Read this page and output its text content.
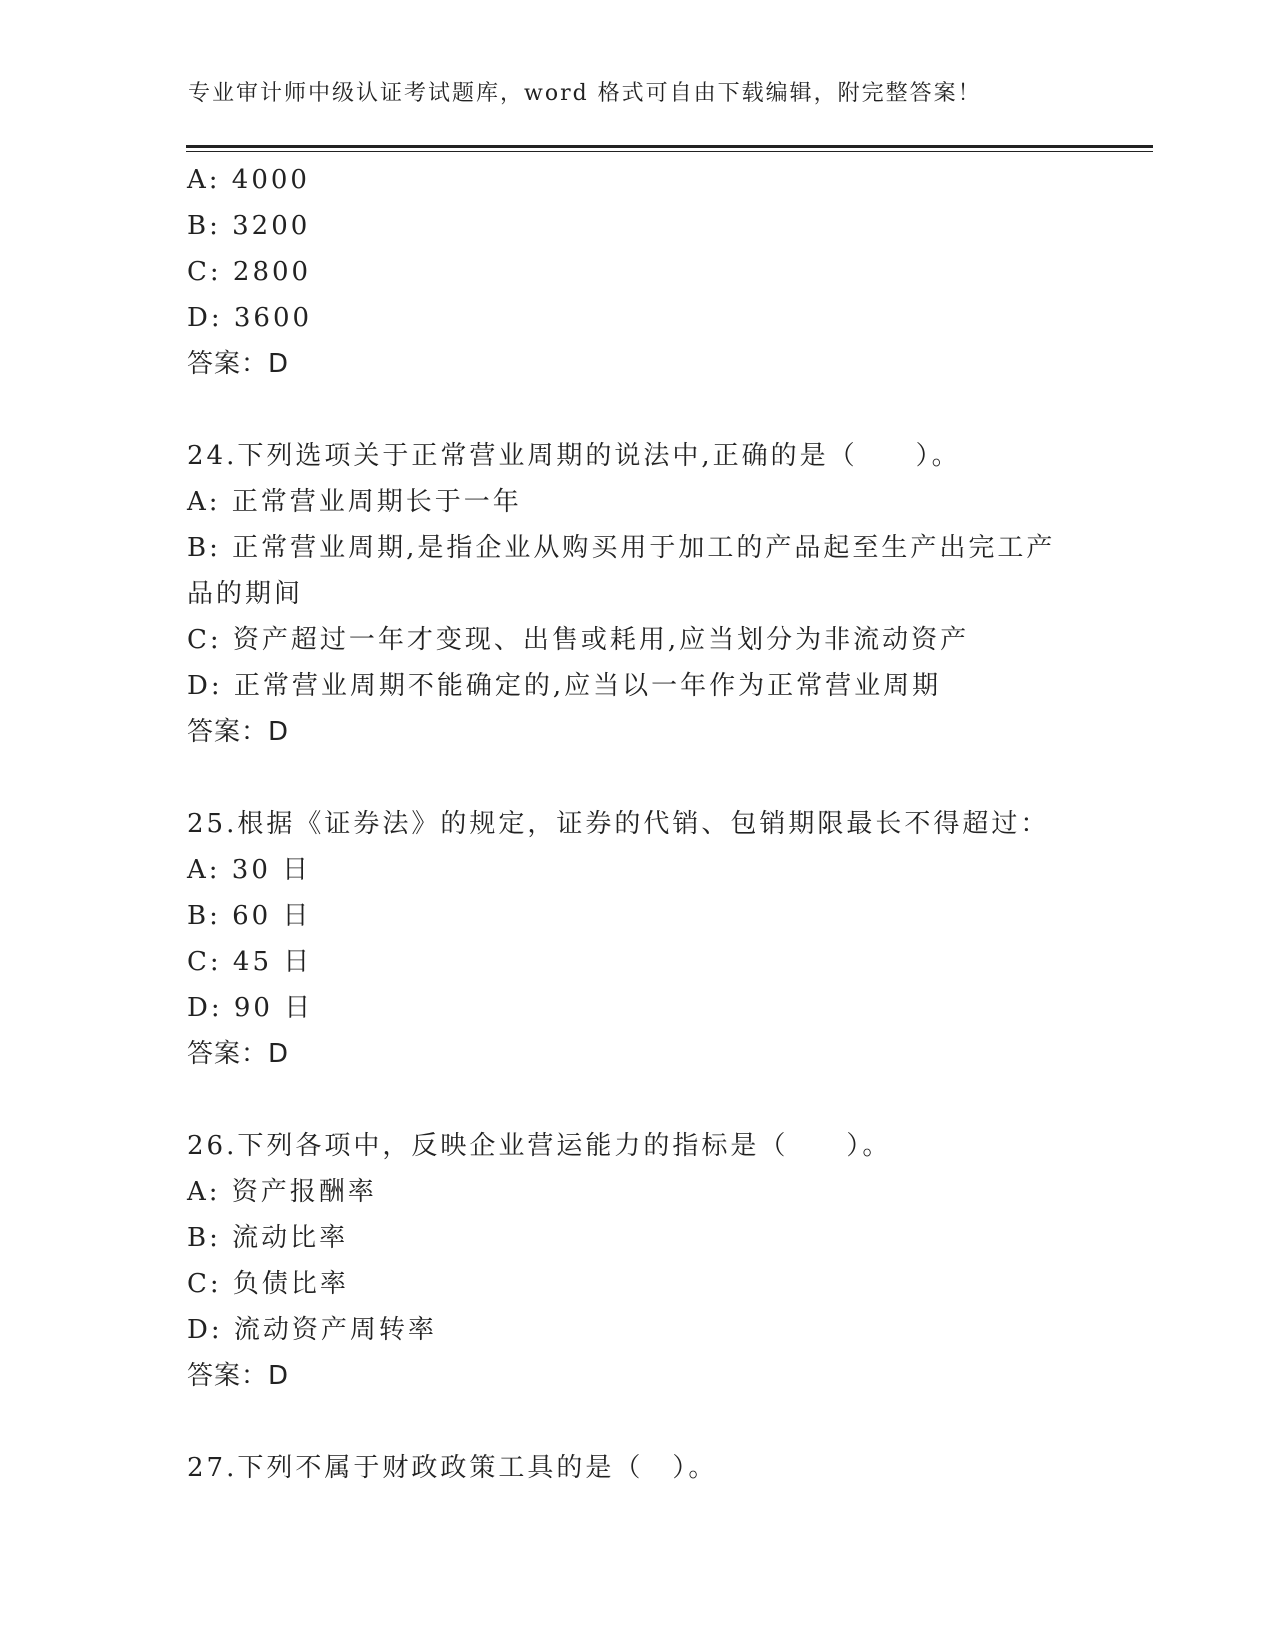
专业审计师中级认证考试题库，word 格式可自由下载编辑，附完整答案！
A: 4000
B: 3200
C: 2800
D: 3600
答案：D
24.下列选项关于正常营业周期的说法中,正确的是（　　）。
A: 正常营业周期长于一年
B: 正常营业周期,是指企业从购买用于加工的产品起至生产出完工产品的期间
C: 资产超过一年才变现、出售或耗用,应当划分为非流动资产
D: 正常营业周期不能确定的,应当以一年作为正常营业周期
答案：D
25.根据《证券法》的规定，证券的代销、包销期限最长不得超过：
A: 30 日
B: 60 日
C: 45 日
D: 90 日
答案：D
26.下列各项中，反映企业营运能力的指标是（　　）。
A: 资产报酬率
B: 流动比率
C: 负债比率
D: 流动资产周转率
答案：D
27.下列不属于财政政策工具的是（　）。
